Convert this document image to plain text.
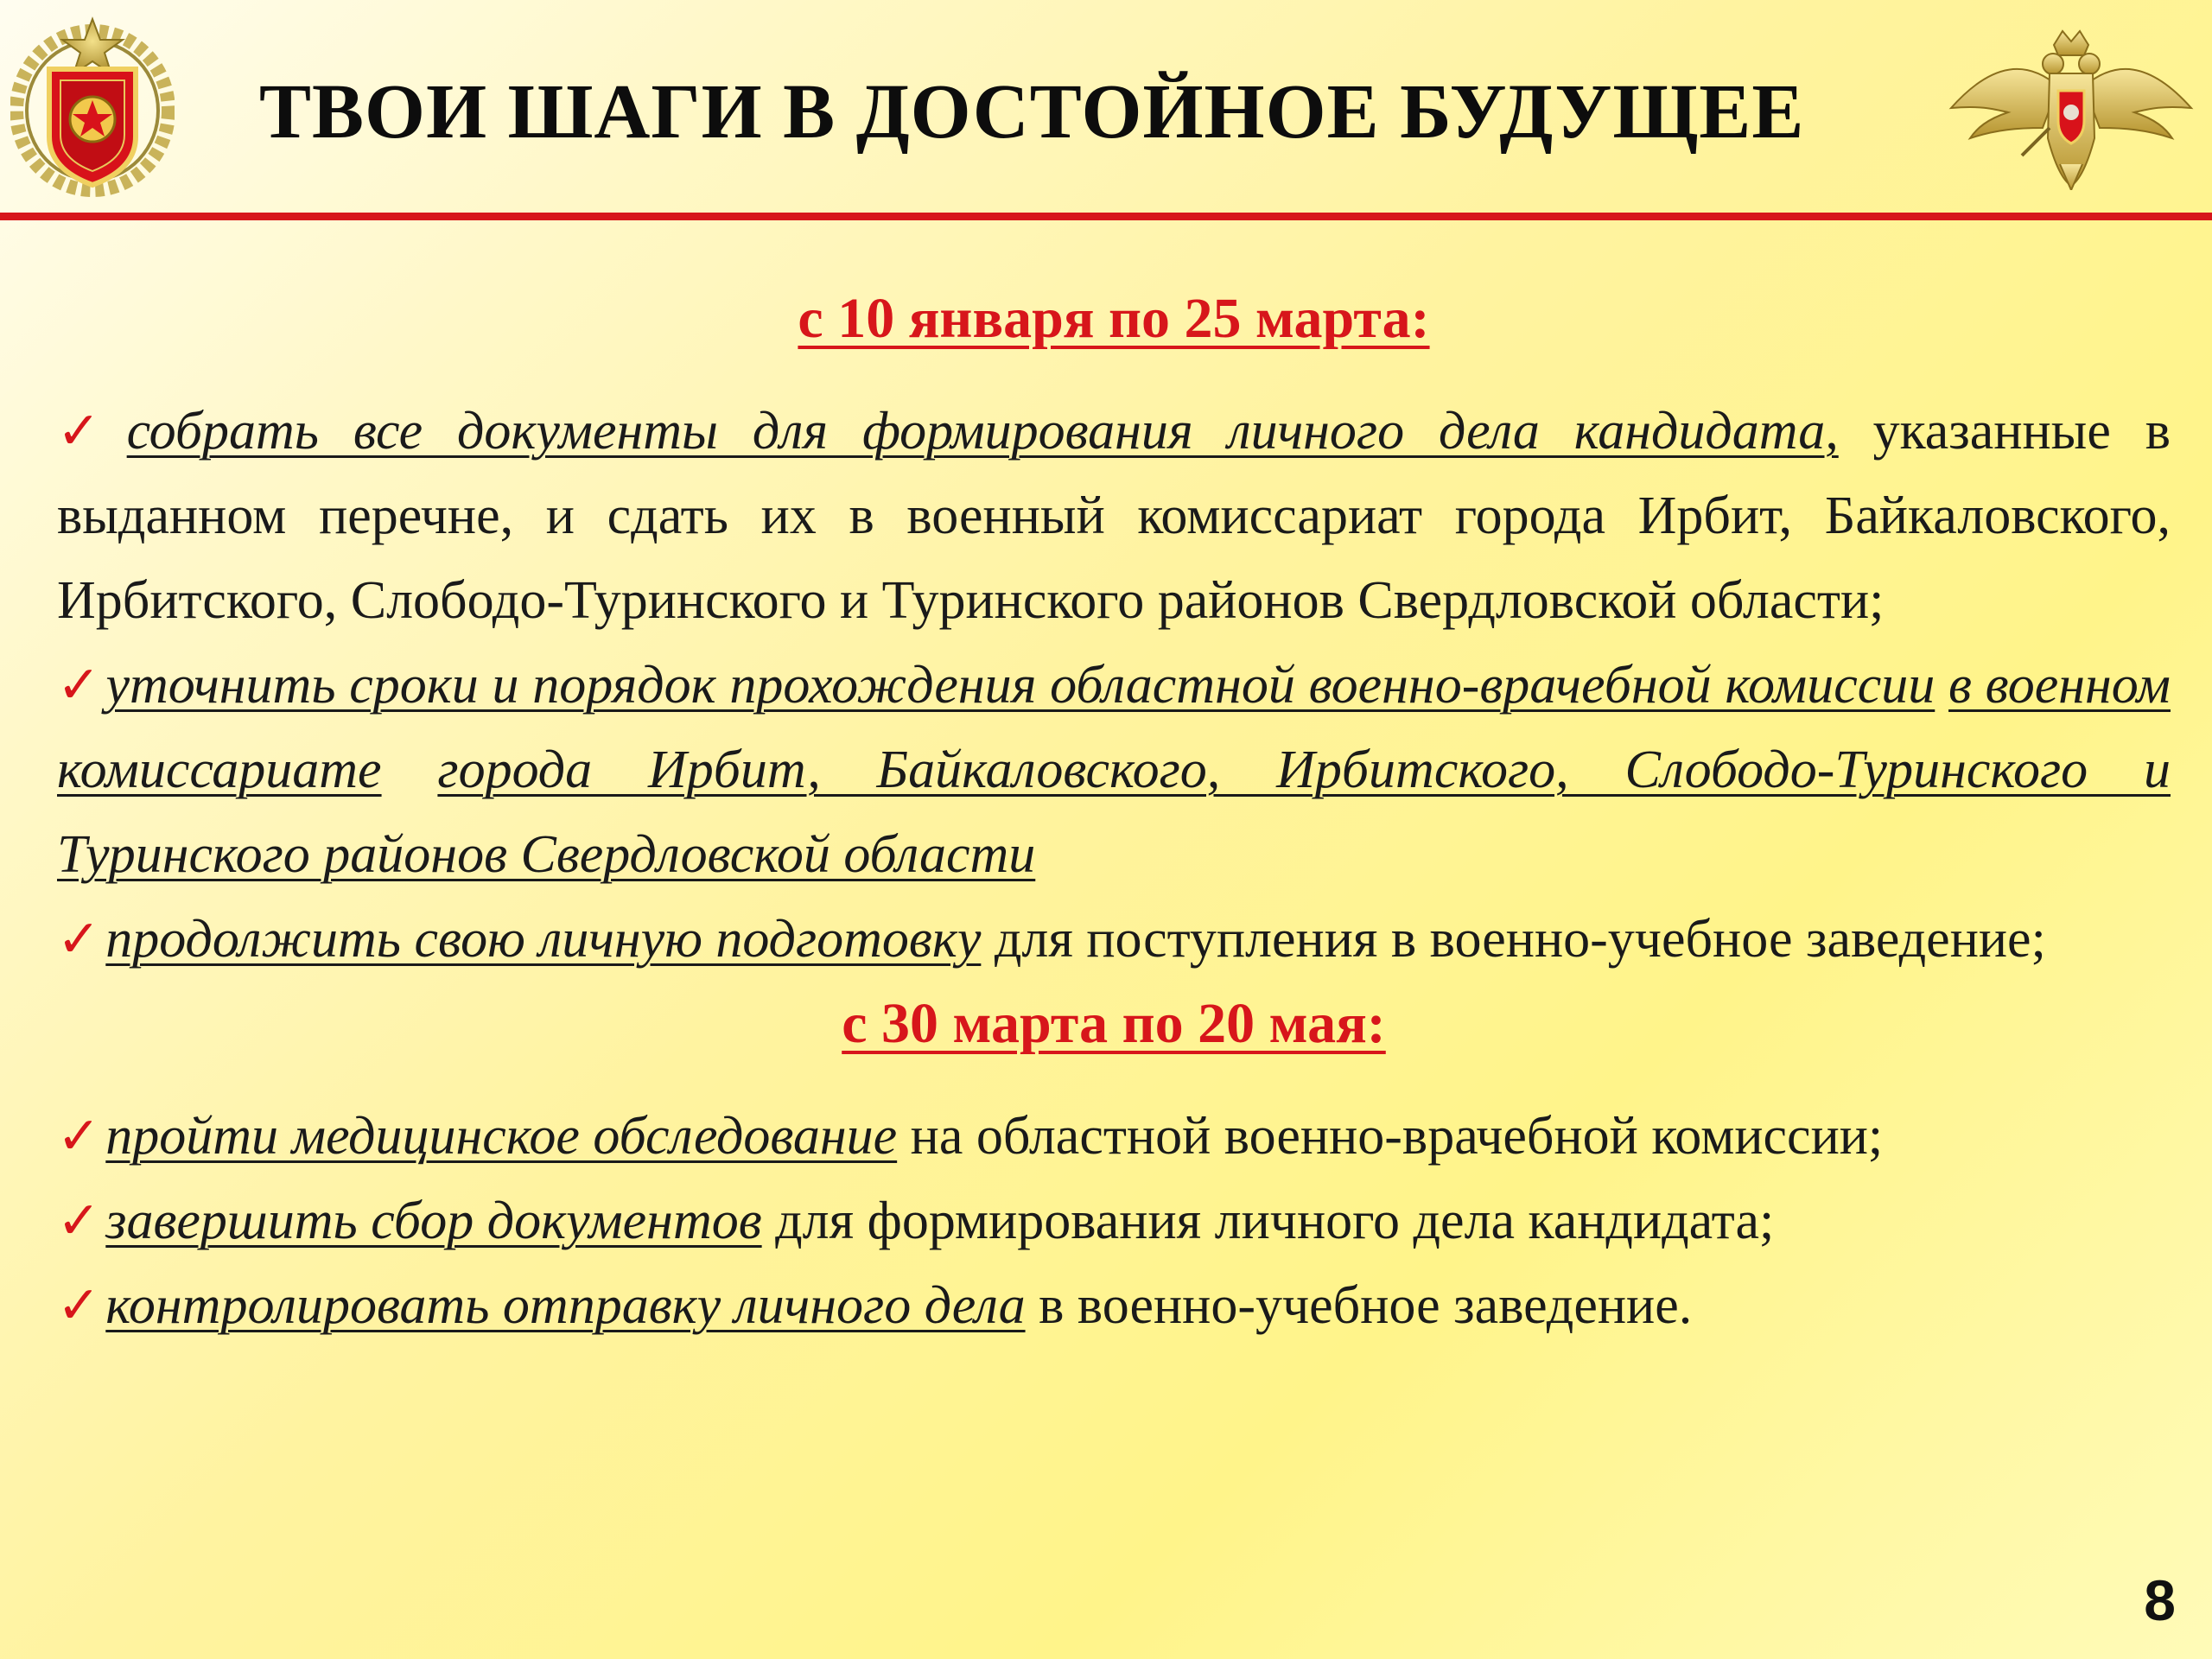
ТВОИ ШАГИ В ДОСТОЙНОЕ БУДУЩЕЕ
с 10 января по 25 марта:

✓собрать все документы для формирования личного дела кандидата, указанные в выданном перечне, и сдать их в военный комиссариат города Ирбит, Байкаловского, Ирбитского, Слободо-Туринского и Туринского районов Свердловской области;

✓уточнить сроки и порядок прохождения областной военно-врачебной комиссии в военном комиссариате города Ирбит, Байкаловского, Ирбитского, Слободо-Туринского и Туринского районов Свердловской области

✓продолжить свою личную подготовку для поступления в военно-учебное заведение;

с 30 марта по 20 мая:

✓пройти медицинское обследование на областной военно-врачебной комиссии;

✓завершить сбор документов для формирования личного дела кандидата;

✓контролировать отправку личного дела в военно-учебное заведение.

8
